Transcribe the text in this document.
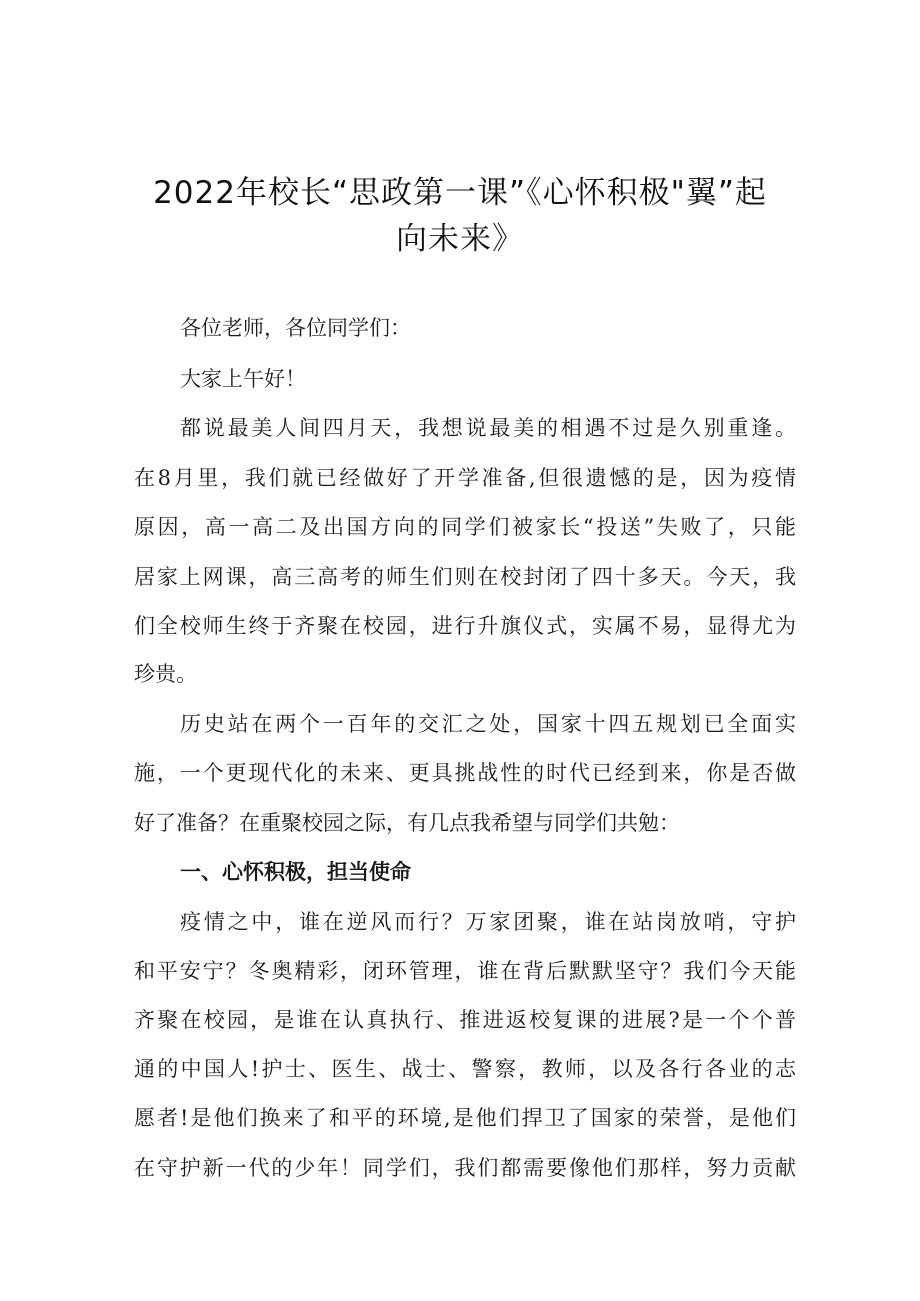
2022年校长“思政第一课”《心怀积极"翼”起
向未来》
各位老师，各位同学们：
大家上午好！
都说最美人间四月天，我想说最美的相遇不过是久别重逢。
在8月里，我们就已经做好了开学准备,但很遗憾的是，因为疫情
原因，高一高二及出国方向的同学们被家长“投送”失败了，只能
居家上网课，高三高考的师生们则在校封闭了四十多天。今天，我
们全校师生终于齐聚在校园，进行升旗仪式，实属不易，显得尤为
珍贵。
历史站在两个一百年的交汇之处，国家十四五规划已全面实
施，一个更现代化的未来、更具挑战性的时代已经到来，你是否做
好了准备？在重聚校园之际，有几点我希望与同学们共勉：
一、心怀积极，担当使命
疫情之中，谁在逆风而行？万家团聚，谁在站岗放哨，守护
和平安宁？冬奥精彩，闭环管理，谁在背后默默坚守？我们今天能
齐聚在校园，是谁在认真执行、推进返校复课的进展?是一个个普
通的中国人!护士、医生、战士、警察，教师，以及各行各业的志
愿者!是他们换来了和平的环境,是他们捍卫了国家的荣誉，是他们
在守护新一代的少年！同学们，我们都需要像他们那样，努力贡献
